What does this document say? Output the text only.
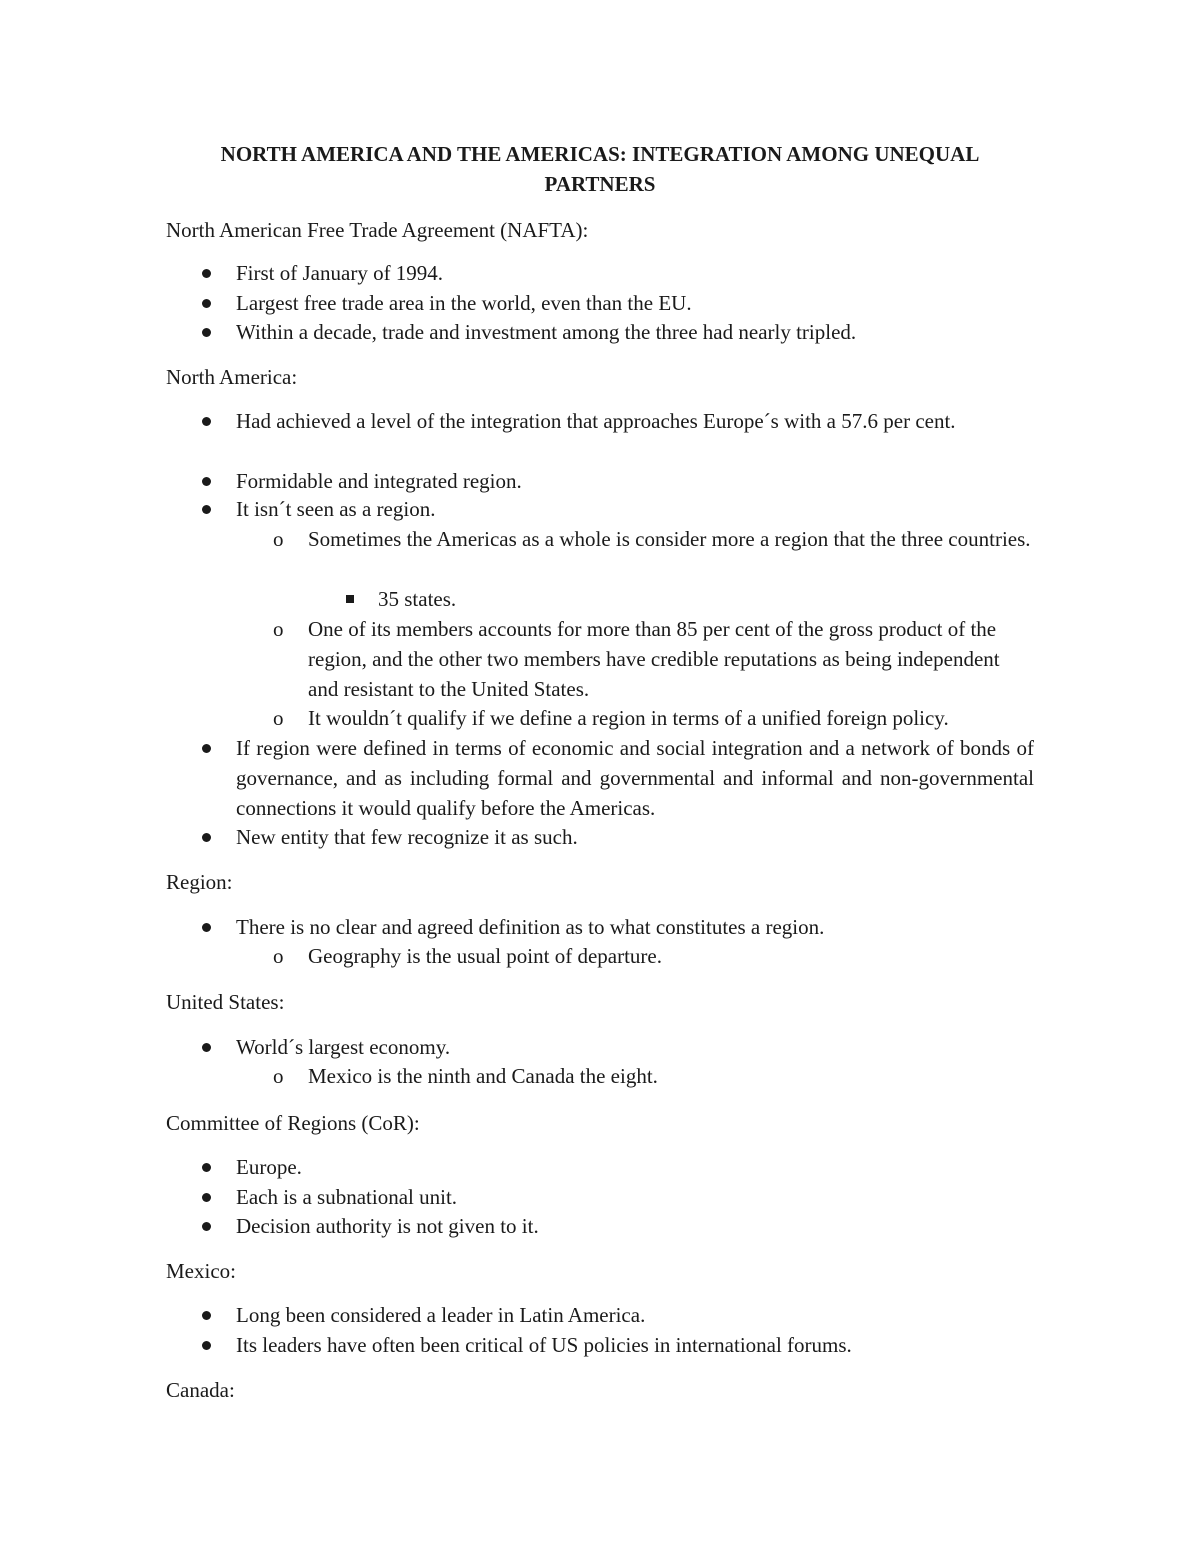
NORTH AMERICA AND THE AMERICAS: INTEGRATION AMONG UNEQUAL PARTNERS

North American Free Trade Agreement (NAFTA):

First of January of 1994.
Largest free trade area in the world, even than the EU.
Within a decade, trade and investment among the three had nearly tripled.

North America:

Had achieved a level of the integration that approaches Europe´s with a 57.6 per cent.
Formidable and integrated region.
It isn´t seen as a region.
o Sometimes the Americas as a whole is consider more a region that the three countries.
35 states.
o One of its members accounts for more than 85 per cent of the gross product of the region, and the other two members have credible reputations as being independent and resistant to the United States.
o It wouldn´t qualify if we define a region in terms of a unified foreign policy.
If region were defined in terms of economic and social integration and a network of bonds of governance, and as including formal and governmental and informal and non-governmental connections it would qualify before the Americas.
New entity that few recognize it as such.

Region:

There is no clear and agreed definition as to what constitutes a region.
o Geography is the usual point of departure.

United States:

World´s largest economy.
o Mexico is the ninth and Canada the eight.

Committee of Regions (CoR):

Europe.
Each is a subnational unit.
Decision authority is not given to it.

Mexico:

Long been considered a leader in Latin America.
Its leaders have often been critical of US policies in international forums.

Canada:
